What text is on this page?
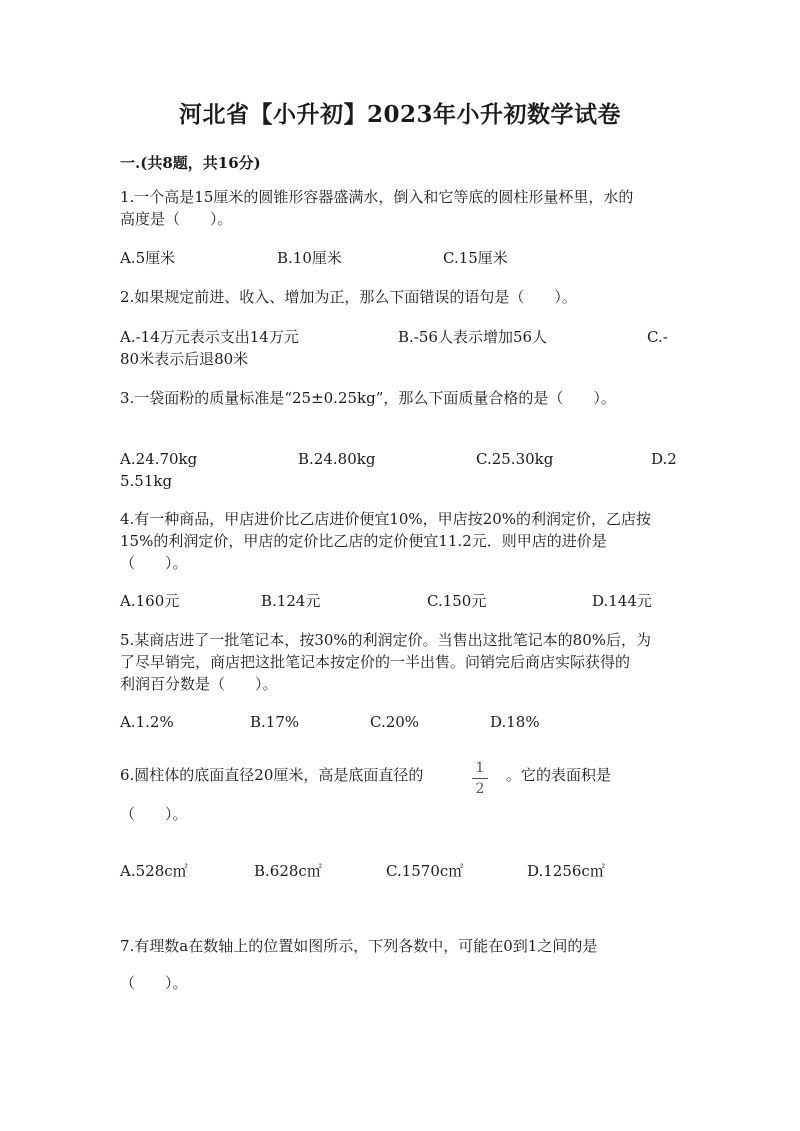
河北省【小升初】2023年小升初数学试卷
一.(共8题，共16分)
1.一个高是15厘米的圆锥形容器盛满水，倒入和它等底的圆柱形量杯里，水的
高度是（　　）。
A.5厘米	B.10厘米	C.15厘米
2.如果规定前进、收入、增加为正，那么下面错误的语句是（　　）。
A.-14万元表示支出14万元	B.-56人表示增加56人	C.-
80米表示后退80米
3.一袋面粉的质量标准是“25±0.25kg”，那么下面质量合格的是（　　）。
A.24.70kg	B.24.80kg	C.25.30kg	D.2
5.51kg
4.有一种商品，甲店进价比乙店进价便宜10%，甲店按20%的利润定价，乙店按
15%的利润定价，甲店的定价比乙店的定价便宜11.2元．则甲店的进价是
（　　）。
A.160元	B.124元	C.150元	D.144元
5.某商店进了一批笔记本，按30%的利润定价。当售出这批笔记本的80%后，为
了尽早销完，商店把这批笔记本按定价的一半出售。问销完后商店实际获得的
利润百分数是（　　）。
A.1.2%	B.17%	C.20%	D.18%
6.圆柱体的底面直径20厘米，高是底面直径的	1
2
。它的表面积是
（　　）。
A.528c㎡	B.628c㎡	C.1570c㎡	D.1256c㎡
7.有理数a在数轴上的位置如图所示，下列各数中，可能在0到1之间的是
（　　）。
